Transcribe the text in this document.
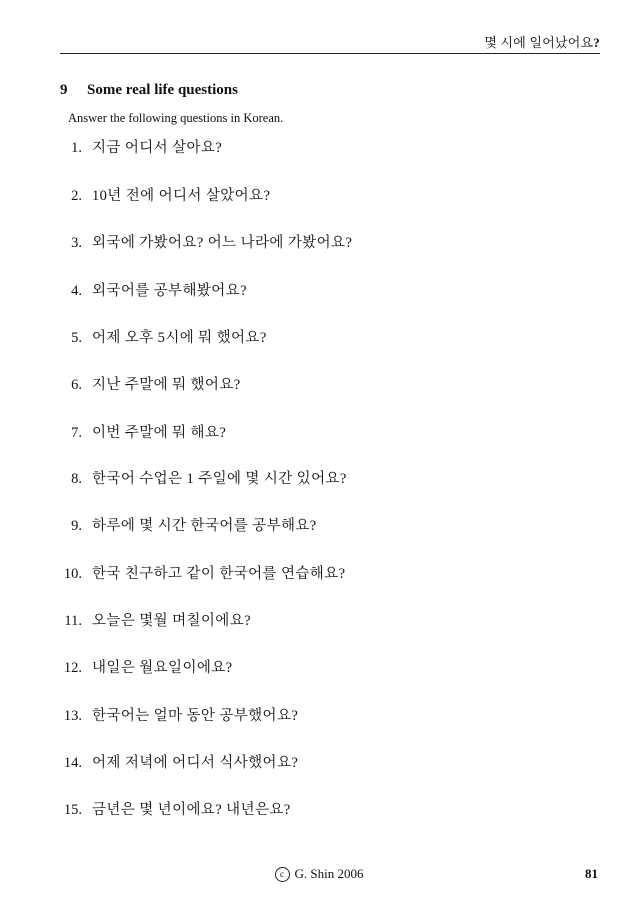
몇 시에 일어났어요?
9 Some real life questions
Answer the following questions in Korean.
1. 지금 어디서 살아요?
2. 10년 전에 어디서 살았어요?
3. 외국에 가봤어요? 어느 나라에 가봤어요?
4. 외국어를 공부해봤어요?
5. 어제 오후 5시에 뭐 했어요?
6. 지난 주말에 뭐 했어요?
7. 이번 주말에 뭐 해요?
8. 한국어 수업은 1 주일에 몇 시간 있어요?
9. 하루에 몇 시간 한국어를 공부해요?
10. 한국 친구하고 같이 한국어를 연습해요?
11. 오늘은 몇월 며칠이에요?
12. 내일은 월요일이에요?
13. 한국어는 얼마 동안 공부했어요?
14. 어제 저녁에 어디서 식사했어요?
15. 금년은 몇 년이에요? 내년은요?
c G. Shin 2006	81
